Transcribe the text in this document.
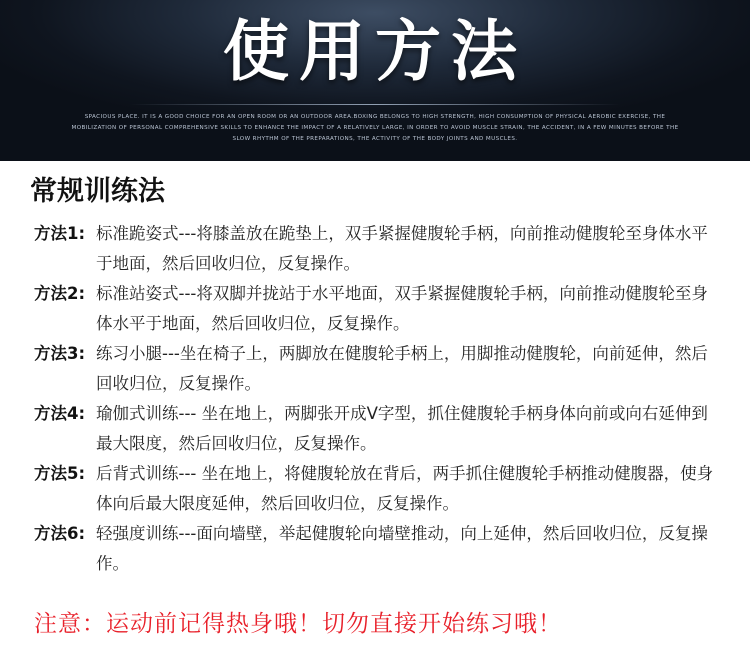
使用方法
SPACIOUS PLACE. IT IS A GOOD CHOICE FOR AN OPEN ROOM OR AN OUTDOOR AREA.BOXING BELONGS TO HIGH STRENGTH, HIGH CONSUMPTION OF PHYSICAL AEROBIC EXERCISE, THE MOBILIZATION OF PERSONAL COMPREHENSIVE SKILLS TO ENHANCE THE IMPACT OF A RELATIVELY LARGE, IN ORDER TO AVOID MUSCLE STRAIN, THE ACCIDENT, IN A FEW MINUTES BEFORE THE SLOW RHYTHM OF THE PREPARATIONS, THE ACTIVITY OF THE BODY JOINTS AND MUSCLES.
常规训练法
方法1: 标准跪姿式---将膝盖放在跪垫上，双手紧握健腹轮手柄，向前推动健腹轮至身体水平于地面，然后回收归位，反复操作。
方法2: 标准站姿式---将双脚并拢站于水平地面，双手紧握健腹轮手柄，向前推动健腹轮至身体水平于地面，然后回收归位，反复操作。
方法3: 练习小腿---坐在椅子上，两脚放在健腹轮手柄上，用脚推动健腹轮，向前延伸，然后回收归位，反复操作。
方法4: 瑜伽式训练--- 坐在地上，两脚张开成V字型，抓住健腹轮手柄身体向前或向右延伸到最大限度，然后回收归位，反复操作。
方法5: 后背式训练--- 坐在地上，将健腹轮放在背后，两手抓住健腹轮手柄推动健腹器，使身体向后最大限度延伸，然后回收归位，反复操作。
方法6: 轻强度训练---面向墙壁，举起健腹轮向墙壁推动，向上延伸，然后回收归位，反复操作。
注意：运动前记得热身哦！切勿直接开始练习哦！
